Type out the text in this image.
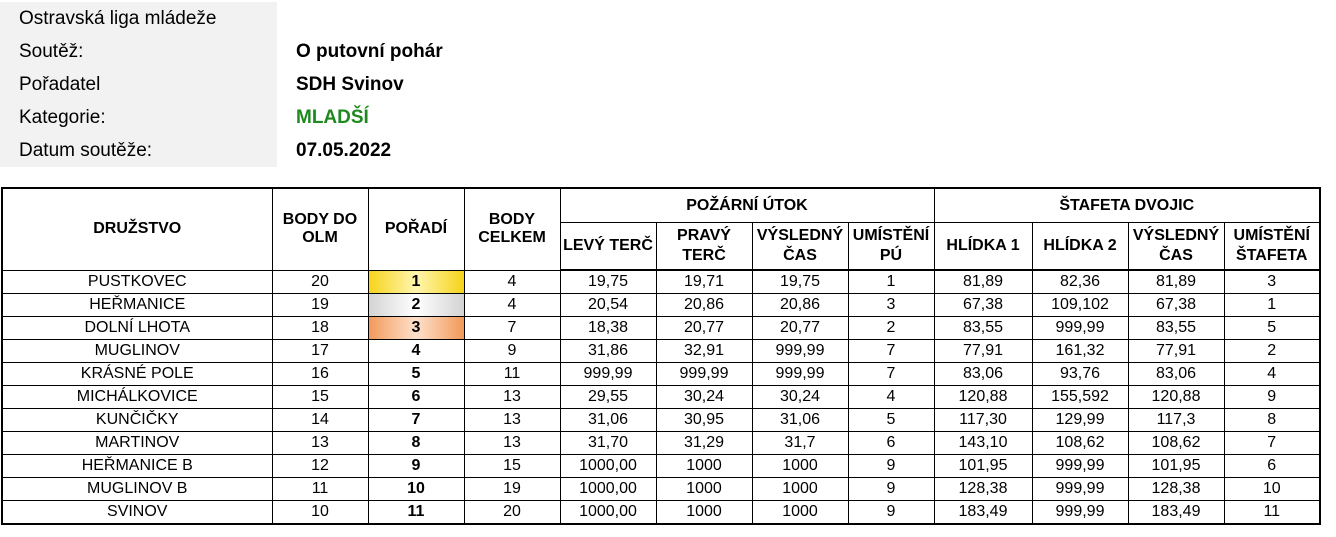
Ostravská liga mládeže
Soutěž:	O putovní pohár
Pořadatel	SDH Svinov
Kategorie:	MLADŠÍ
Datum soutěže:	07.05.2022
DRUŽSTVO	BODY DO OLM	POŘADÍ	BODY CELKEM	POŽÁRNÍ ÚTOK				ŠTAFETA DVOJIC			
				LEVÝ TERČ	PRAVÝ TERČ	VÝSLEDNÝ ČAS	UMÍSTĚNÍ PÚ	HLÍDKA 1	HLÍDKA 2	VÝSLEDNÝ ČAS	UMÍSTĚNÍ ŠTAFETA
PUSTKOVEC	20	1	4	19,75	19,71	19,75	1	81,89	82,36	81,89	3
HEŘMANICE	19	2	4	20,54	20,86	20,86	3	67,38	109,102	67,38	1
DOLNÍ LHOTA	18	3	7	18,38	20,77	20,77	2	83,55	999,99	83,55	5
MUGLINOV	17	4	9	31,86	32,91	999,99	7	77,91	161,32	77,91	2
KRÁSNÉ POLE	16	5	11	999,99	999,99	999,99	7	83,06	93,76	83,06	4
MICHÁLKOVICE	15	6	13	29,55	30,24	30,24	4	120,88	155,592	120,88	9
KUNČIČKY	14	7	13	31,06	30,95	31,06	5	117,30	129,99	117,3	8
MARTINOV	13	8	13	31,70	31,29	31,7	6	143,10	108,62	108,62	7
HEŘMANICE B	12	9	15	1000,00	1000	1000	9	101,95	999,99	101,95	6
MUGLINOV B	11	10	19	1000,00	1000	1000	9	128,38	999,99	128,38	10
SVINOV	10	11	20	1000,00	1000	1000	9	183,49	999,99	183,49	11
